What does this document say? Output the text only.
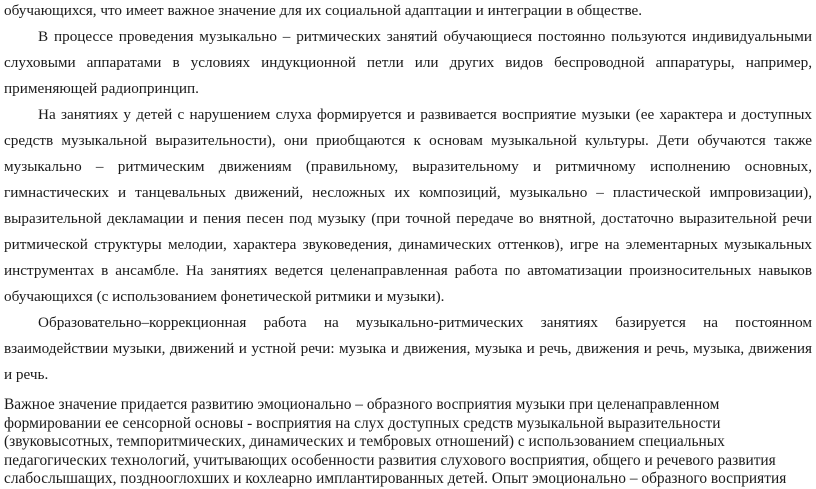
обучающихся, что имеет важное значение для их социальной адаптации и интеграции в обществе.

В процессе проведения музыкально – ритмических занятий обучающиеся постоянно пользуются индивидуальными слуховыми аппаратами в условиях индукционной петли или других видов беспроводной аппаратуры, например, применяющей радиопринцип.

На занятиях у детей с нарушением слуха формируется и развивается восприятие музыки (ее характера и доступных средств музыкальной выразительности), они приобщаются к основам музыкальной культуры. Дети обучаются также музыкально – ритмическим движениям (правильному, выразительному и ритмичному исполнению основных, гимнастических и танцевальных движений, несложных их композиций, музыкально – пластической импровизации), выразительной декламации и пения песен под музыку (при точной передаче во внятной, достаточно выразительной речи ритмической структуры мелодии, характера звуковедения, динамических оттенков), игре на элементарных музыкальных инструментах в ансамбле. На занятиях ведется целенаправленная работа по автоматизации произносительных навыков обучающихся (с использованием фонетической ритмики и музыки).

Образовательно–коррекционная работа на музыкально-ритмических занятиях базируется на постоянном взаимодействии музыки, движений и устной речи: музыка и движения, музыка и речь, движения и речь, музыка, движения и речь.

Важное значение придается развитию эмоционально – образного восприятия музыки при целенаправленном формировании ее сенсорной основы - восприятия на слух доступных средств музыкальной выразительности (звуковысотных, темпоритмических, динамических и тембровых отношений) с использованием специальных педагогических технологий, учитывающих особенности развития слухового восприятия, общего и речевого развития слабослышащих, позднооглохших и кохлеарно имплантированных детей. Опыт эмоционально – образного восприятия
